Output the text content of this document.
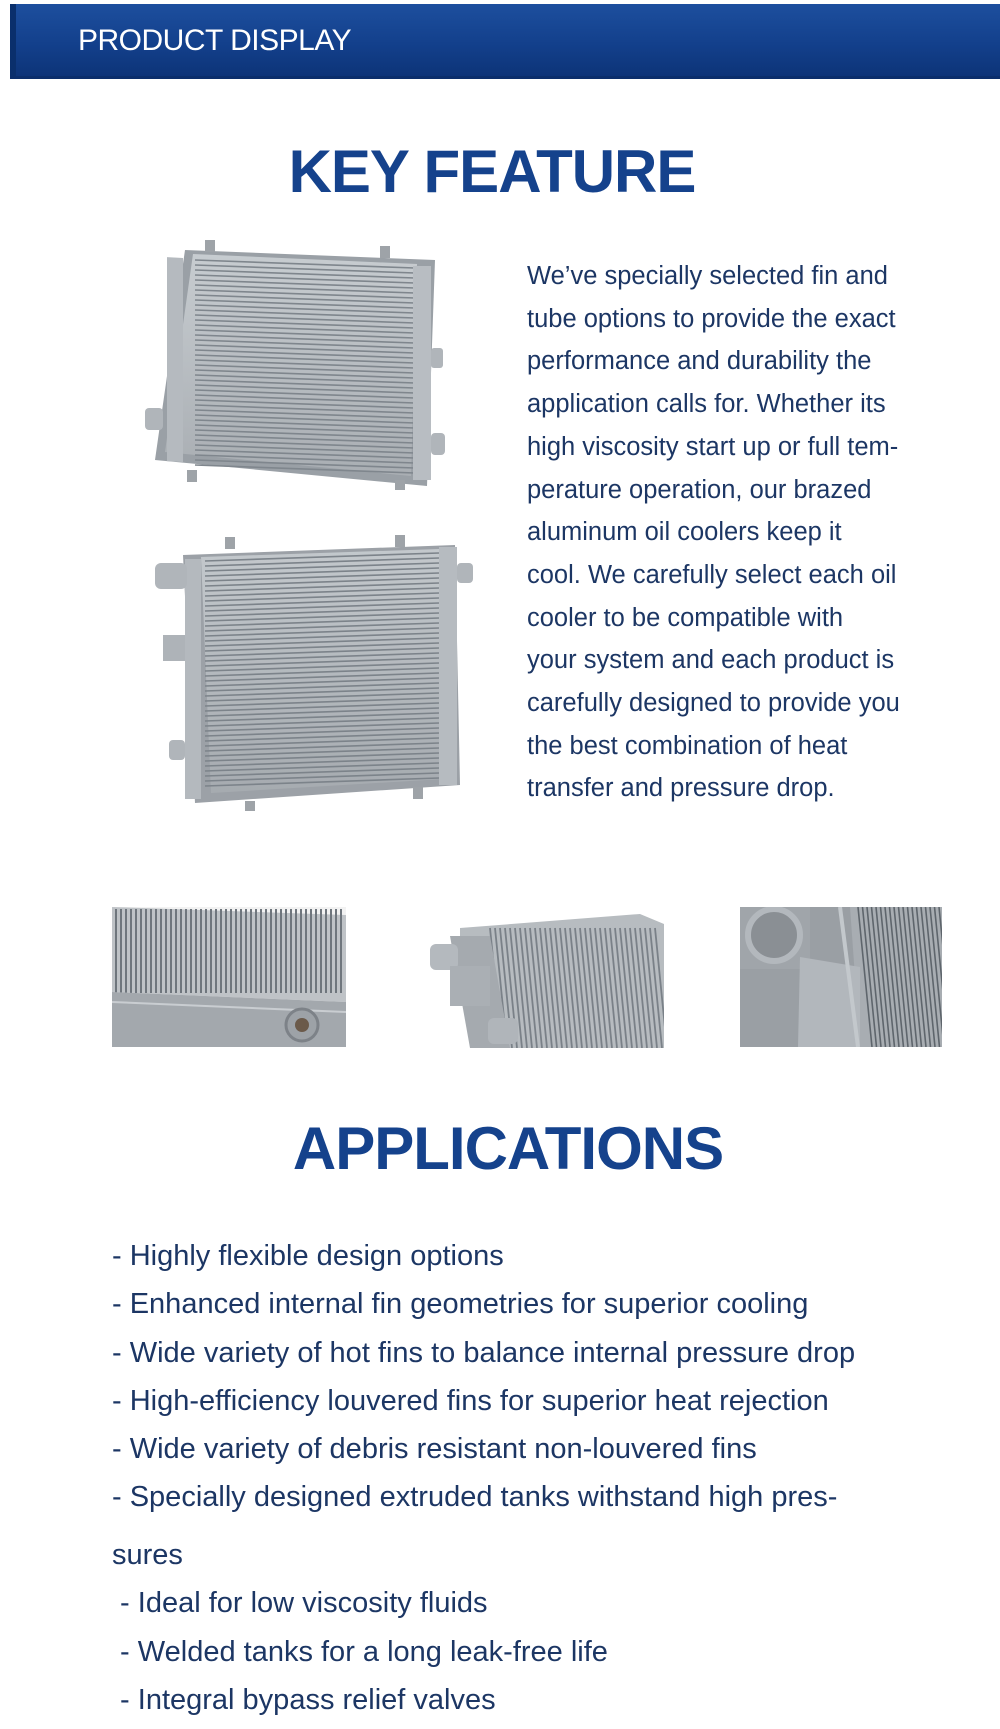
PRODUCT DISPLAY
KEY FEATURE
We’ve specially selected fin and
tube options to provide the exact
performance and durability the
application calls for. Whether its
high viscosity start up or full tem-
perature operation, our brazed
aluminum oil coolers keep it
cool. We carefully select each oil
cooler to be compatible with
your system and each product is
carefully designed to provide you
the best combination of heat
transfer and pressure drop.
APPLICATIONS
- Highly flexible design options
- Enhanced internal fin geometries for superior cooling
- Wide variety of hot fins to balance internal pressure drop
- High-efficiency louvered fins for superior heat rejection
- Wide variety of debris resistant non-louvered fins
- Specially designed extruded tanks withstand high pres-
sures
- Ideal for low viscosity fluids
- Welded tanks for a long leak-free life
- Integral bypass relief valves
